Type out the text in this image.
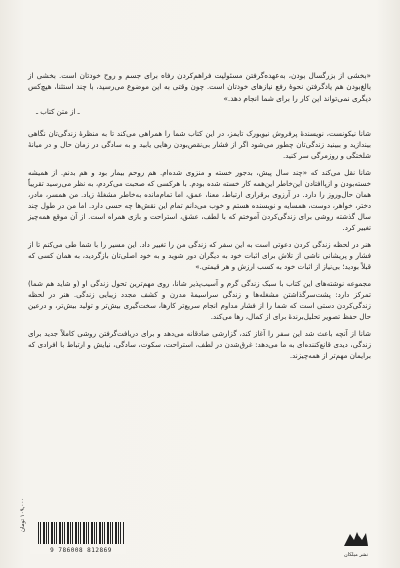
«بخشی از بزرگسال بودن، به‌عهده‌گرفتن مسئولیت فراهم‌کردن رفاه برای جسم و روح خودتان است. بخشی از بالغ‌بودن هم یادگرفتن نحوهٔ رفع نیازهای خودتان است. چون وقتی به این موضوع می‌رسید، با چند استثنا، هیچ‌کس دیگری نمی‌تواند این کار را برای شما انجام دهد.»

ـ از متن کتاب ـ

شانا نیکونست، نویسندهٔ پرفروش نیویورک تایمز، در این کتاب شما را همراهی می‌کند تا به منظرهٔ زندگی‌تان نگاهی بیندازید و ببینید زندگی‌تان چطور می‌شود اگر از فشار بی‌نقص‌بودن رهایی یابید و به سادگی در زمان حال و در میانهٔ شلختگی و روزمرگی سر کنید.

شانا نقل می‌کند که «چند سال پیش، بدجور خسته و منزوی شده‌ام. هم روحم بیمار بود و هم بدنم. از همیشه خسته‌بودن و ازپاافتادن این‌خاطر این‌همه کار خسته شده بودم. با هرکسی که صحبت می‌کردم، به نظر می‌رسید تقریباً همان حال‌وروز را دارد. در آرزوی برقراری ارتباط، معنا، عمق، اما تمام‌مانده به‌خاطر مشغلهٔ زیاد. من همسر، مادر، دختر، خواهر، دوست، همسایه و نویسنده هستم و خوب می‌دانم تمام این نقش‌ها چه حسی دارد. اما من در طول چند سال گذشته روشی برای زندگی‌کردن آموختم که با لطف، عشق، استراحت و بازی همراه است. از آن موقع همه‌چیز تغییر کرد.

هنر در لحظه زندگی کردن دعوتی است به این سفر که زندگی من را تغییر داد. این مسیر را با شما طی می‌کنم تا از فشار و پریشانی ناشی از تلاش برای اثبات خود به دیگران دور شوید و به خود اصلی‌تان بازگردید، به همان کسی که قبلاً بودید؛ بی‌نیاز از اثبات خود به کسب ارزش و هر قیمتی.»

مجموعه نوشته‌های این کتاب با سبک زندگی گرم و آسیب‌پذیر شانا، روی مهم‌ترین تحول زندگی او (و شاید هم شما) تمرکز دارد: پشت‌سرگذاشتن مشغله‌ها و زندگی سراسیمهٔ مدرن و کشف مجدد زیبایی زندگی. هنر در لحظه زندگی‌کردن دستی است که شما را از فشار مداوم انجام سریع‌تر کارها، سخت‌گیری بیش‌تر و تولید بیش‌تر، و درعین حال حفظ تصویر تحلیل‌برندهٔ برای از کمال، رها می‌کند.

شانا از آنچه باعث شد این سفر را آغاز کند، گزارشی صادقانه می‌دهد و برای دریافت‌گرفتن روشی کاملاً جدید برای زندگی، دیدی قانع‌کننده‌ای به ما می‌دهد: غرق‌شدن در لطف، استراحت، سکوت، سادگی، نیایش و ارتباط با افرادی که برایمان مهم‌تر از همه‌چیزند.

۱۰۹,۰۰۰ تومان
9 786008 812869
نشر میلکان
